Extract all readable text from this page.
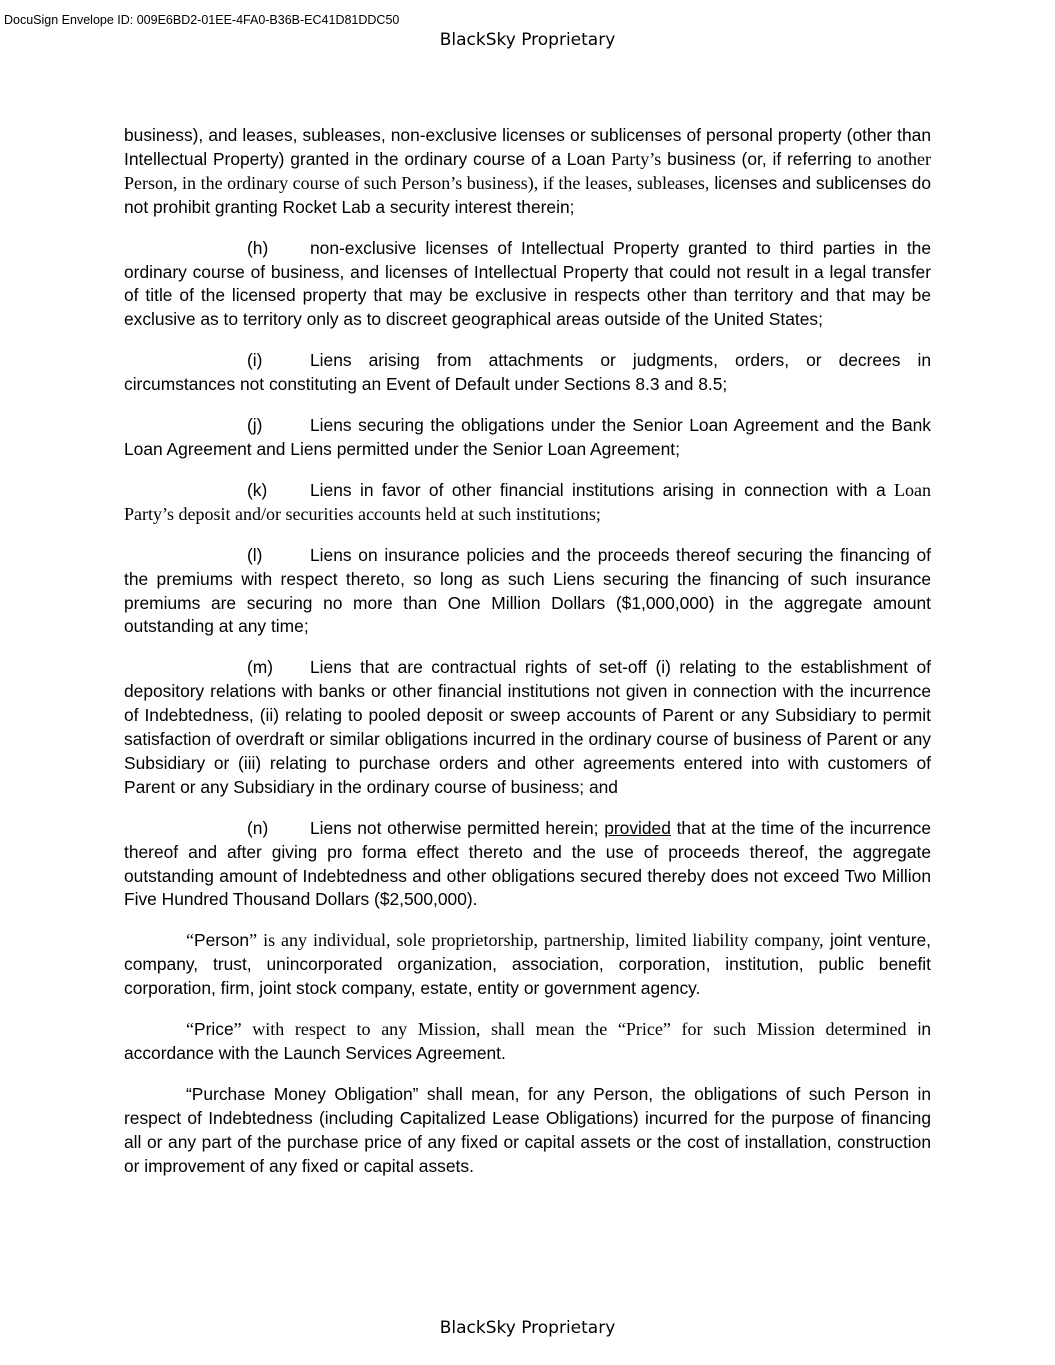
DocuSign Envelope ID: 009E6BD2-01EE-4FA0-B36B-EC41D81DDC50
BlackSky Proprietary

business), and leases, subleases, non-exclusive licenses or sublicenses of personal property (other than Intellectual Property) granted in the ordinary course of a Loan Party’s business (or, if referring to another Person, in the ordinary course of such Person’s business), if the leases, subleases, licenses and sublicenses do not prohibit granting Rocket Lab a security interest therein;

(h) non-exclusive licenses of Intellectual Property granted to third parties in the ordinary course of business, and licenses of Intellectual Property that could not result in a legal transfer of title of the licensed property that may be exclusive in respects other than territory and that may be exclusive as to territory only as to discreet geographical areas outside of the United States;

(i)	Liens arising from attachments or judgments, orders, or decrees in circumstances not constituting an Event of Default under Sections 8.3 and 8.5;

(j)	Liens securing the obligations under the Senior Loan Agreement and the Bank Loan Agreement and Liens permitted under the Senior Loan Agreement;

(k) Liens in favor of other financial institutions arising in connection with a Loan Party’s deposit and/or securities accounts held at such institutions;

(l)	Liens on insurance policies and the proceeds thereof securing the financing of the premiums with respect thereto, so long as such Liens securing the financing of such insurance premiums are securing no more than One Million Dollars ($1,000,000) in the aggregate amount outstanding at any time;

(m) Liens that are contractual rights of set-off (i) relating to the establishment of depository relations with banks or other financial institutions not given in connection with the incurrence of Indebtedness, (ii) relating to pooled deposit or sweep accounts of Parent or any Subsidiary to permit satisfaction of overdraft or similar obligations incurred in the ordinary course of business of Parent or any Subsidiary or (iii) relating to purchase orders and other agreements entered into with customers of Parent or any Subsidiary in the ordinary course of business; and

(n) Liens not otherwise permitted herein; provided that at the time of the incurrence thereof and after giving pro forma effect thereto and the use of proceeds thereof, the aggregate outstanding amount of Indebtedness and other obligations secured thereby does not exceed Two Million Five Hundred Thousand Dollars ($2,500,000).

“Person” is any individual, sole proprietorship, partnership, limited liability company, joint venture, company, trust, unincorporated organization, association, corporation, institution, public benefit corporation, firm, joint stock company, estate, entity or government agency.

“Price” with respect to any Mission, shall mean the “Price” for such Mission determined in accordance with the Launch Services Agreement.

“Purchase Money Obligation” shall mean, for any Person, the obligations of such Person in respect of Indebtedness (including Capitalized Lease Obligations) incurred for the purpose of financing all or any part of the purchase price of any fixed or capital assets or the cost of installation, construction or improvement of any fixed or capital assets.

BlackSky Proprietary
